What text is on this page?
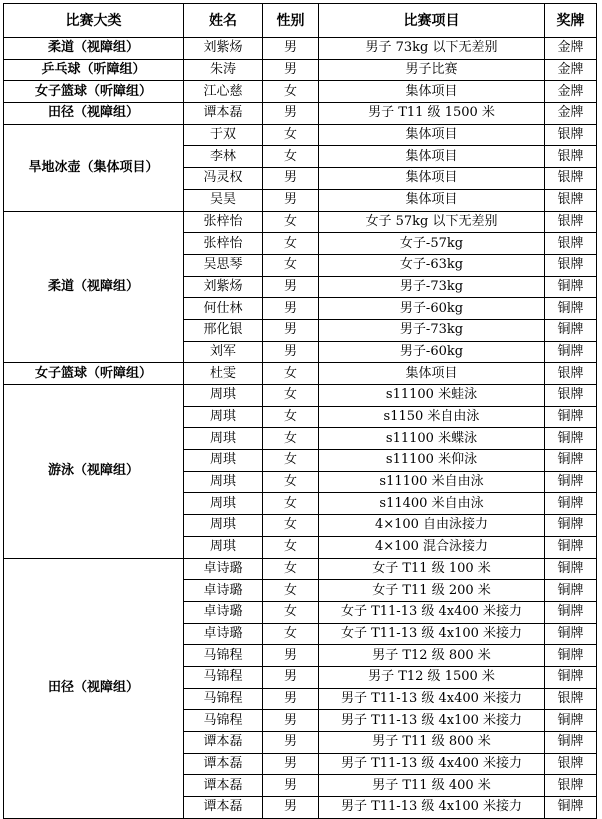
比赛大类	姓名	性别	比赛项目	奖牌
柔道（视障组）	刘紫炀	男	男子 73kg 以下无差别	金牌
乒乓球（听障组）	朱涛	男	男子比赛	金牌
女子篮球（听障组）	江心慈	女	集体项目	金牌
田径（视障组）	谭本磊	男	男子 T11 级 1500 米	金牌
旱地冰壶（集体项目）	于双	女	集体项目	银牌
	李林	女	集体项目	银牌
	冯灵权	男	集体项目	银牌
	吴昊	男	集体项目	银牌
柔道（视障组）	张梓怡	女	女子 57kg 以下无差别	银牌
	张梓怡	女	女子-57kg	银牌
	吴思琴	女	女子-63kg	银牌
	刘紫炀	男	男子-73kg	铜牌
	何仕林	男	男子-60kg	铜牌
	邢化银	男	男子-73kg	铜牌
	刘军	男	男子-60kg	铜牌
女子篮球（听障组）	杜雯	女	集体项目	银牌
游泳（视障组）	周琪	女	s11100 米蛙泳	银牌
	周琪	女	s1150 米自由泳	铜牌
	周琪	女	s11100 米蝶泳	铜牌
	周琪	女	s11100 米仰泳	铜牌
	周琪	女	s11100 米自由泳	铜牌
	周琪	女	s11400 米自由泳	铜牌
	周琪	女	4×100 自由泳接力	铜牌
	周琪	女	4×100 混合泳接力	铜牌
田径（视障组）	卓诗璐	女	女子 T11 级 100 米	铜牌
	卓诗璐	女	女子 T11 级 200 米	铜牌
	卓诗璐	女	女子 T11-13 级 4x400 米接力	铜牌
	卓诗璐	女	女子 T11-13 级 4x100 米接力	铜牌
	马锦程	男	男子 T12 级 800 米	铜牌
	马锦程	男	男子 T12 级 1500 米	铜牌
	马锦程	男	男子 T11-13 级 4x400 米接力	银牌
	马锦程	男	男子 T11-13 级 4x100 米接力	铜牌
	谭本磊	男	男子 T11 级 800 米	铜牌
	谭本磊	男	男子 T11-13 级 4x400 米接力	银牌
	谭本磊	男	男子 T11 级 400 米	银牌
	谭本磊	男	男子 T11-13 级 4x100 米接力	铜牌
